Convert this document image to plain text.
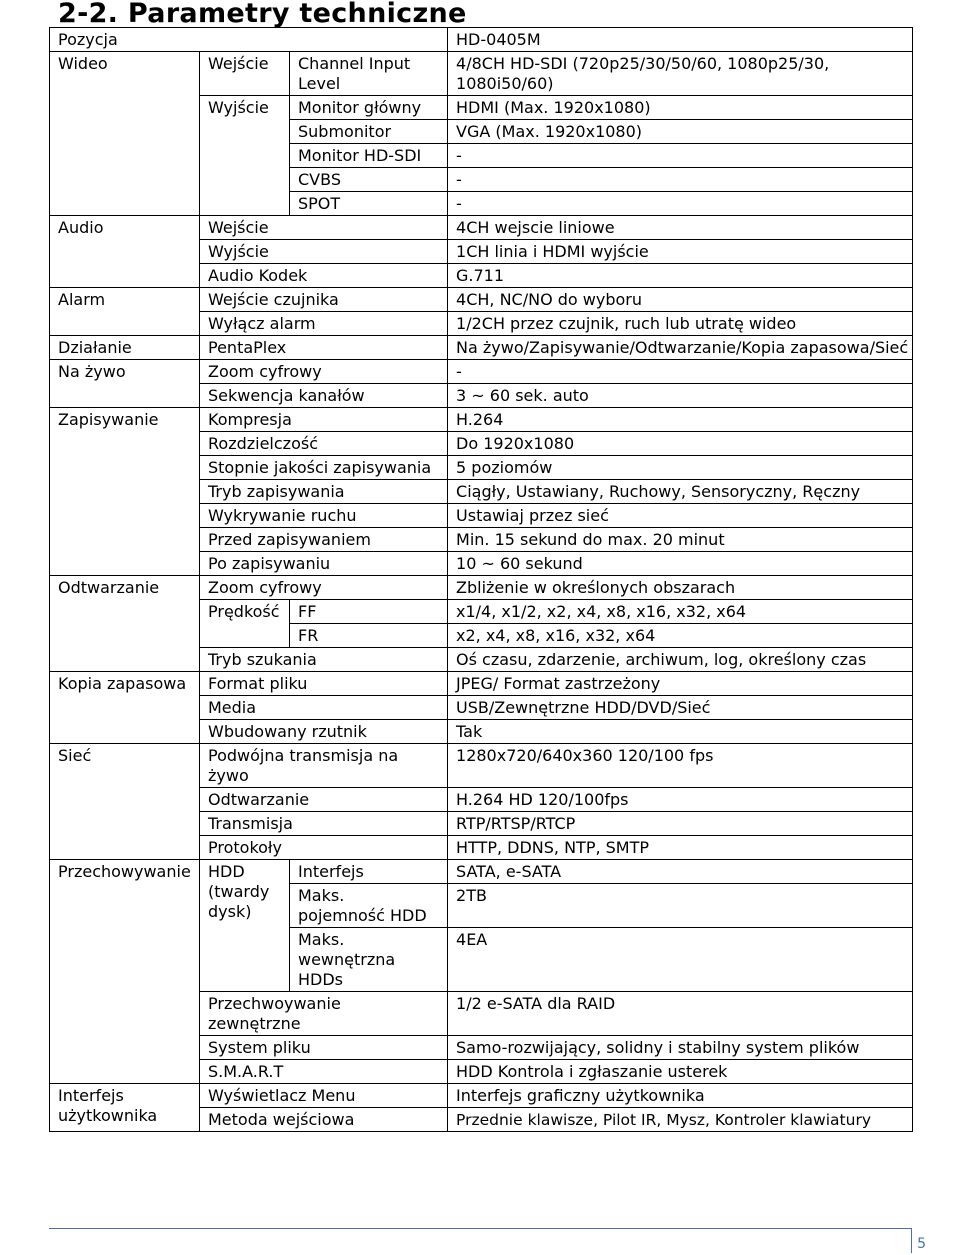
2-2. Parametry techniczne
Pozycja			HD-0405M
Wideo	Wejście	Channel Input Level	4/8CH HD-SDI (720p25/30/50/60, 1080p25/30, 1080i50/60)
	Wyjście	Monitor główny	HDMI (Max. 1920x1080)
		Submonitor	VGA (Max. 1920x1080)
		Monitor HD-SDI	-
		CVBS	-
		SPOT	-
Audio	Wejście		4CH wejscie liniowe
	Wyjście		1CH linia i HDMI wyjście
	Audio Kodek		G.711
Alarm	Wejście czujnika		4CH, NC/NO do wyboru
	Wyłącz alarm		1/2CH przez czujnik, ruch lub utratę wideo
Działanie	PentaPlex		Na żywo/Zapisywanie/Odtwarzanie/Kopia zapasowa/Sieć
Na żywo	Zoom cyfrowy		-
	Sekwencja kanałów		3 ~ 60 sek. auto
Zapisywanie	Kompresja		H.264
	Rozdzielczość		Do 1920x1080
	Stopnie jakości zapisywania		5 poziomów
	Tryb zapisywania		Ciągły, Ustawiany, Ruchowy, Sensoryczny, Ręczny
	Wykrywanie ruchu		Ustawiaj przez sieć
	Przed zapisywaniem		Min. 15 sekund do max. 20 minut
	Po zapisywaniu		10 ~ 60 sekund
Odtwarzanie	Zoom cyfrowy		Zbliżenie w określonych obszarach
	Prędkość	FF	x1/4, x1/2, x2, x4, x8, x16, x32, x64
		FR	x2, x4, x8, x16, x32, x64
	Tryb szukania		Oś czasu, zdarzenie, archiwum, log, określony czas
Kopia zapasowa	Format pliku		JPEG/ Format zastrzeżony
	Media		USB/Zewnętrzne HDD/DVD/Sieć
	Wbudowany rzutnik		Tak
Sieć	Podwójna transmisja na żywo		1280x720/640x360 120/100 fps
	Odtwarzanie		H.264 HD 120/100fps
	Transmisja		RTP/RTSP/RTCP
	Protokoły		HTTP, DDNS, NTP, SMTP
Przechowywanie	HDD (twardy dysk)	Interfejs	SATA, e-SATA
		Maks. pojemność HDD	2TB
		Maks. wewnętrzna HDDs	4EA
	Przechwoywanie zewnętrzne		1/2 e-SATA dla RAID
	System pliku		Samo-rozwijający, solidny i stabilny system plików
	S.M.A.R.T		HDD Kontrola i zgłaszanie usterek
Interfejs użytkownika	Wyświetlacz Menu		Interfejs graficzny użytkownika
	Metoda wejściowa		Przednie klawisze, Pilot IR, Mysz, Kontroler klawiatury
5
